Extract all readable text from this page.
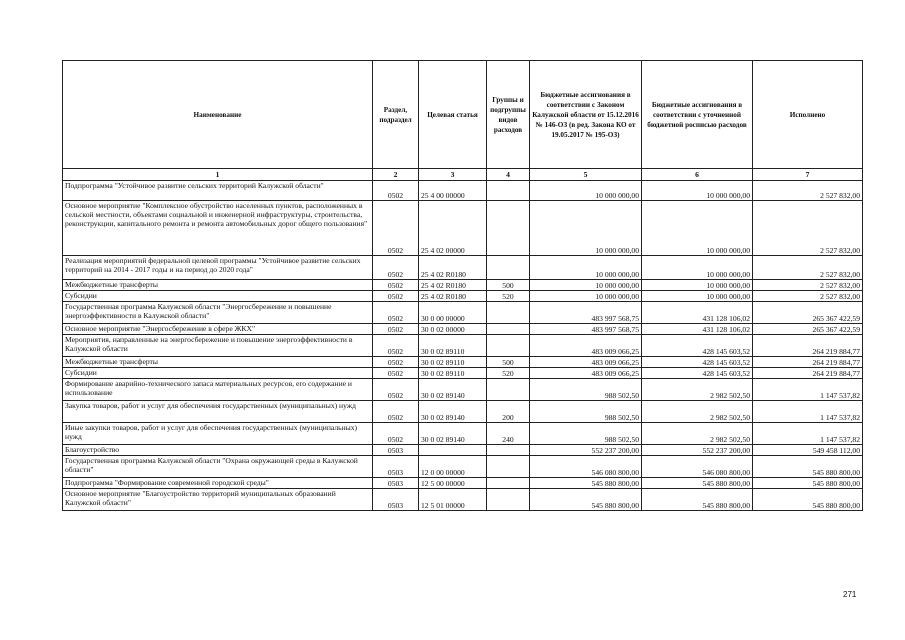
Наименование	Раздел, подраздел	Целевая статья	Группы и подгруппы видов расходов	Бюджетные ассигнования в соответствии с Законом Калужской области от 15.12.2016 № 146-ОЗ (в ред. Закона КО от 19.05.2017 № 195-ОЗ)	Бюджетные ассигнования в соответствии с уточненной бюджетной росписью расходов	Исполнено
1	2	3	4	5	6	7
Подпрограмма "Устойчивое развитие сельских территорий Калужской области"	0502	25 4 00 00000		10 000 000,00	10 000 000,00	2 527 832,00
Основное мероприятие "Комплексное обустройство населенных пунктов, расположенных в сельской местности, объектами социальной и инженерной инфраструктуры, строительства, реконструкции, капитального ремонта и ремонта автомобильных дорог общего пользования"	0502	25 4 02 00000		10 000 000,00	10 000 000,00	2 527 832,00
Реализация мероприятий федеральной целевой программы "Устойчивое развитие сельских территорий на 2014 - 2017 годы и на период до 2020 года"	0502	25 4 02 R0180		10 000 000,00	10 000 000,00	2 527 832,00
Межбюджетные трансферты	0502	25 4 02 R0180	500	10 000 000,00	10 000 000,00	2 527 832,00
Субсидии	0502	25 4 02 R0180	520	10 000 000,00	10 000 000,00	2 527 832,00
Государственная программа Калужской области "Энергосбережение и повышение энергоэффективности в Калужской области"	0502	30 0 00 00000		483 997 568,75	431 128 106,02	265 367 422,59
Основное мероприятие "Энергосбережение в сфере ЖКХ"	0502	30 0 02 00000		483 997 568,75	431 128 106,02	265 367 422,59
Мероприятия, направленные на энергосбережение и повышение энергоэффективности в Калужской области	0502	30 0 02 89110		483 009 066,25	428 145 603,52	264 219 884,77
Межбюджетные трансферты	0502	30 0 02 89110	500	483 009 066,25	428 145 603,52	264 219 884,77
Субсидии	0502	30 0 02 89110	520	483 009 066,25	428 145 603,52	264 219 884,77
Формирование аварийно-технического запаса материальных ресурсов, его содержание и использование	0502	30 0 02 89140		988 502,50	2 982 502,50	1 147 537,82
Закупка товаров, работ и услуг для обеспечения государственных (муниципальных) нужд	0502	30 0 02 89140	200	988 502,50	2 982 502,50	1 147 537,82
Иные закупки товаров, работ и услуг для обеспечения государственных (муниципальных) нужд	0502	30 0 02 89140	240	988 502,50	2 982 502,50	1 147 537,82
Благоустройство	0503			552 237 200,00	552 237 200,00	549 458 112,00
Государственная программа Калужской области "Охрана окружающей среды в Калужской области"	0503	12 0 00 00000		546 080 800,00	546 080 800,00	545 880 800,00
Подпрограмма "Формирование современной городской среды"	0503	12 5 00 00000		545 880 800,00	545 880 800,00	545 880 800,00
Основное мероприятие "Благоустройство территорий муниципальных образований Калужской области"	0503	12 5 01 00000		545 880 800,00	545 880 800,00	545 880 800,00
271
